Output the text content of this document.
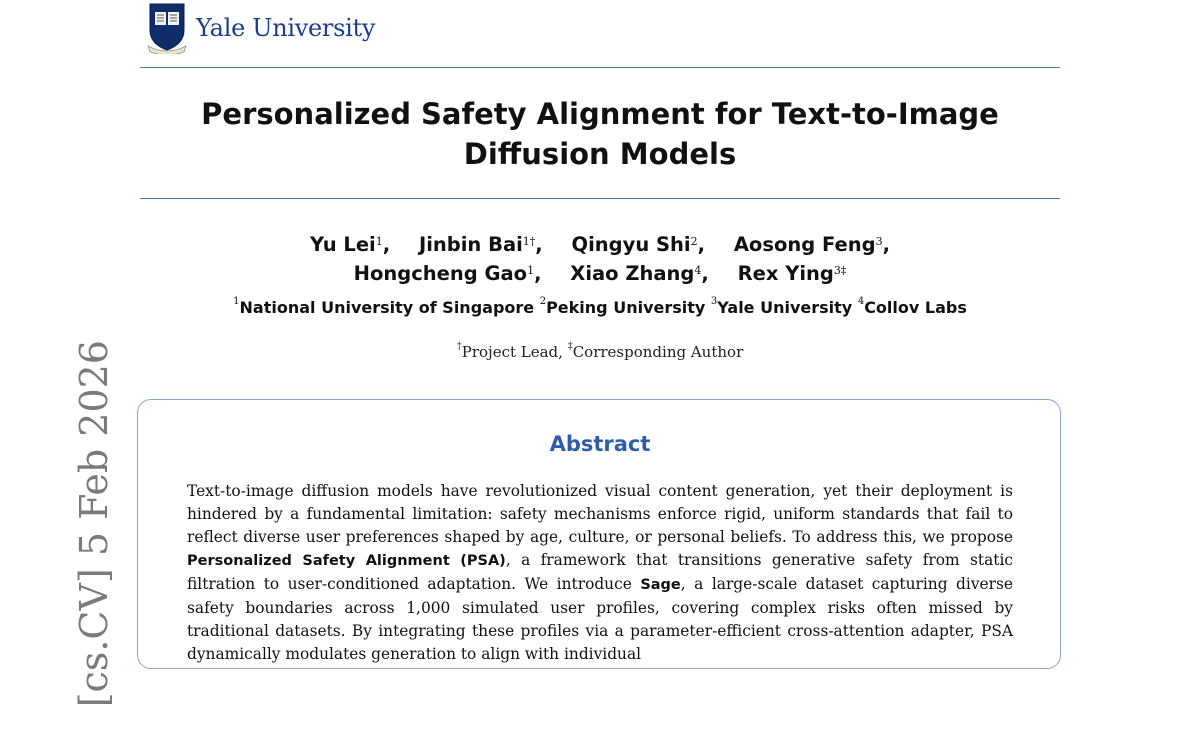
Yale University
Personalized Safety Alignment for Text-to-Image
Diffusion Models
Yu Lei$^1$, Jinbin Bai$^{1\dagger}$, Qingyu Shi$^2$, Aosong Feng$^3$,
Hongcheng Gao$^1$, Xiao Zhang$^4$, Rex Ying$^{3\ddagger}$
$^1$National University of Singapore $^2$Peking University $^3$Yale University $^4$Collov Labs
†Project Lead, ‡Corresponding Author
Abstract
Text-to-image diffusion models have revolutionized visual content generation, yet their deployment is hindered by a fundamental limitation: safety mechanisms enforce rigid, uniform standards that fail to reflect diverse user preferences shaped by age, culture, or personal beliefs. To address this, we propose Personalized Safety Alignment (PSA), a framework that transitions generative safety from static filtration to user-conditioned adaptation. We introduce Sage, a large-scale dataset capturing diverse safety boundaries across 1,000 simulated user profiles, covering complex risks often missed by traditional datasets. By integrating these profiles via a parameter-efficient cross-attention adapter, PSA dynamically modulates generation to align with individual
[cs.CV] 5 Feb 2026
